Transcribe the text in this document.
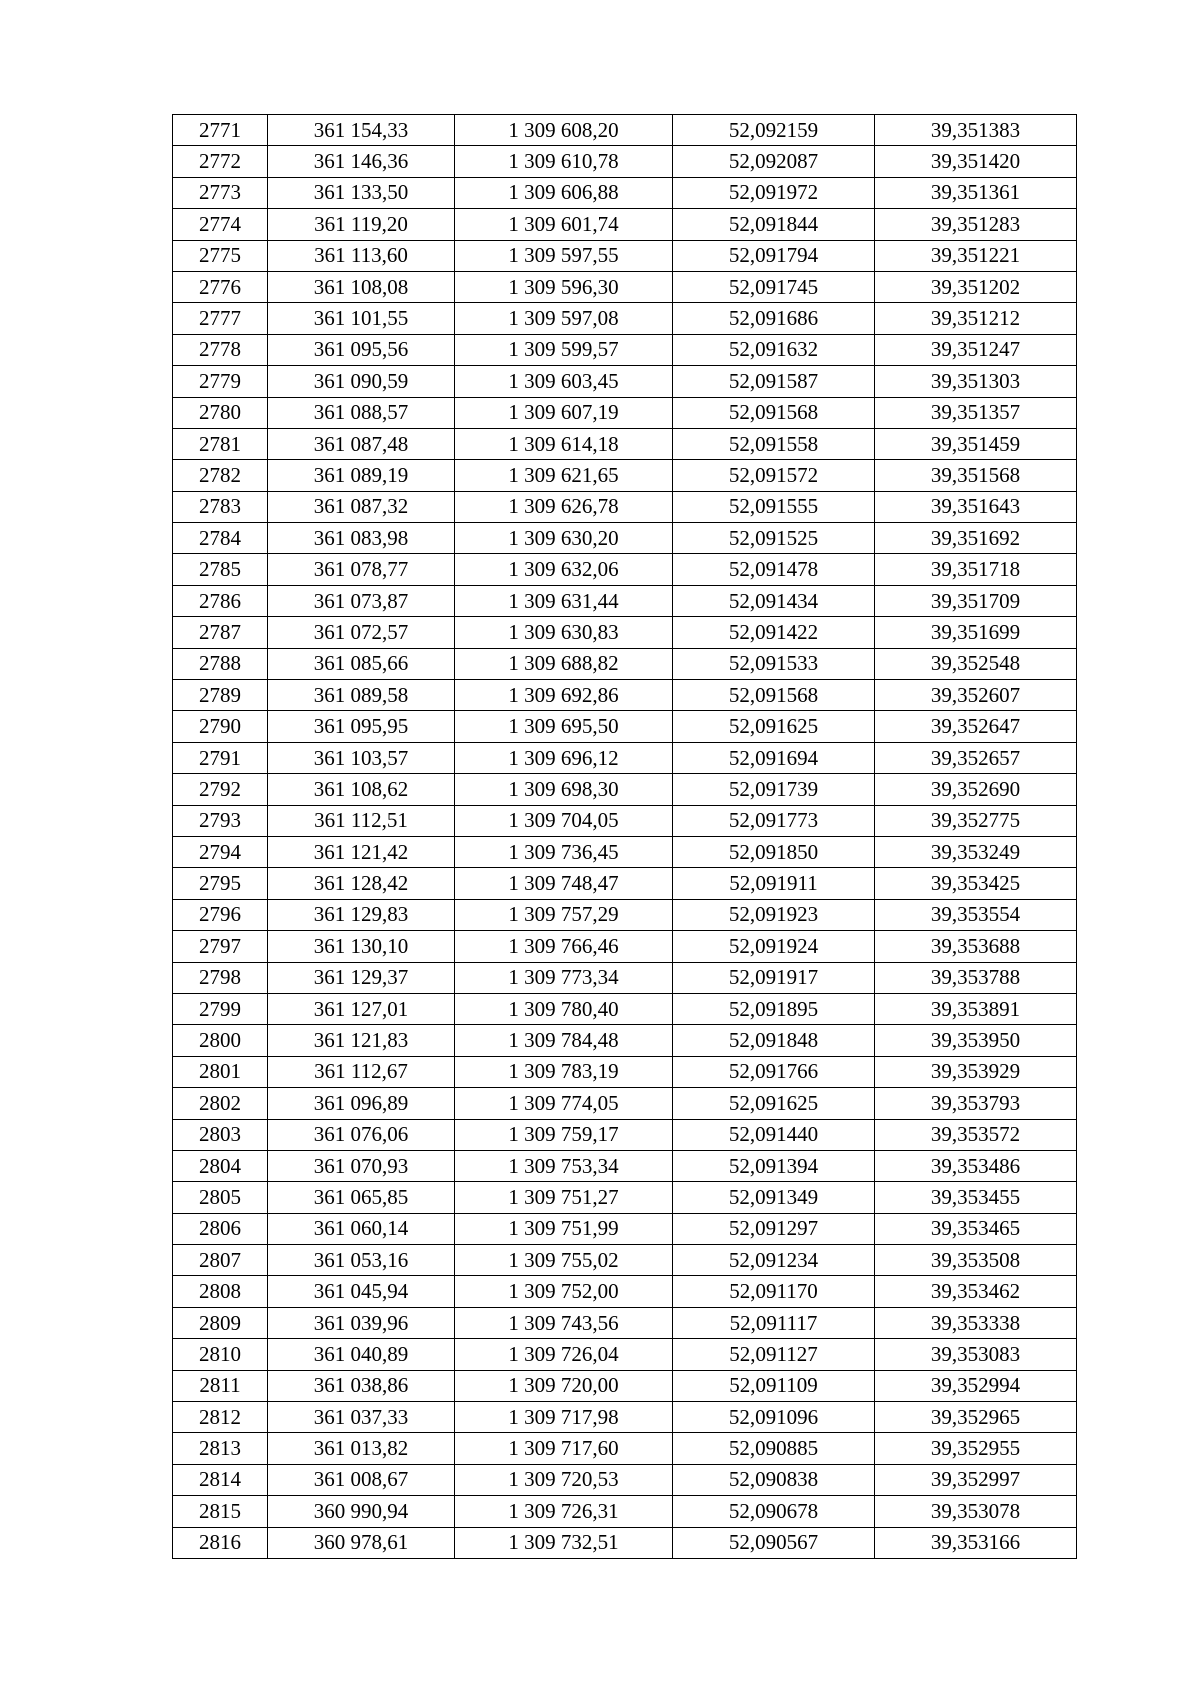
2771	361 154,33	1 309 608,20	52,092159	39,351383
2772	361 146,36	1 309 610,78	52,092087	39,351420
2773	361 133,50	1 309 606,88	52,091972	39,351361
2774	361 119,20	1 309 601,74	52,091844	39,351283
2775	361 113,60	1 309 597,55	52,091794	39,351221
2776	361 108,08	1 309 596,30	52,091745	39,351202
2777	361 101,55	1 309 597,08	52,091686	39,351212
2778	361 095,56	1 309 599,57	52,091632	39,351247
2779	361 090,59	1 309 603,45	52,091587	39,351303
2780	361 088,57	1 309 607,19	52,091568	39,351357
2781	361 087,48	1 309 614,18	52,091558	39,351459
2782	361 089,19	1 309 621,65	52,091572	39,351568
2783	361 087,32	1 309 626,78	52,091555	39,351643
2784	361 083,98	1 309 630,20	52,091525	39,351692
2785	361 078,77	1 309 632,06	52,091478	39,351718
2786	361 073,87	1 309 631,44	52,091434	39,351709
2787	361 072,57	1 309 630,83	52,091422	39,351699
2788	361 085,66	1 309 688,82	52,091533	39,352548
2789	361 089,58	1 309 692,86	52,091568	39,352607
2790	361 095,95	1 309 695,50	52,091625	39,352647
2791	361 103,57	1 309 696,12	52,091694	39,352657
2792	361 108,62	1 309 698,30	52,091739	39,352690
2793	361 112,51	1 309 704,05	52,091773	39,352775
2794	361 121,42	1 309 736,45	52,091850	39,353249
2795	361 128,42	1 309 748,47	52,091911	39,353425
2796	361 129,83	1 309 757,29	52,091923	39,353554
2797	361 130,10	1 309 766,46	52,091924	39,353688
2798	361 129,37	1 309 773,34	52,091917	39,353788
2799	361 127,01	1 309 780,40	52,091895	39,353891
2800	361 121,83	1 309 784,48	52,091848	39,353950
2801	361 112,67	1 309 783,19	52,091766	39,353929
2802	361 096,89	1 309 774,05	52,091625	39,353793
2803	361 076,06	1 309 759,17	52,091440	39,353572
2804	361 070,93	1 309 753,34	52,091394	39,353486
2805	361 065,85	1 309 751,27	52,091349	39,353455
2806	361 060,14	1 309 751,99	52,091297	39,353465
2807	361 053,16	1 309 755,02	52,091234	39,353508
2808	361 045,94	1 309 752,00	52,091170	39,353462
2809	361 039,96	1 309 743,56	52,091117	39,353338
2810	361 040,89	1 309 726,04	52,091127	39,353083
2811	361 038,86	1 309 720,00	52,091109	39,352994
2812	361 037,33	1 309 717,98	52,091096	39,352965
2813	361 013,82	1 309 717,60	52,090885	39,352955
2814	361 008,67	1 309 720,53	52,090838	39,352997
2815	360 990,94	1 309 726,31	52,090678	39,353078
2816	360 978,61	1 309 732,51	52,090567	39,353166
